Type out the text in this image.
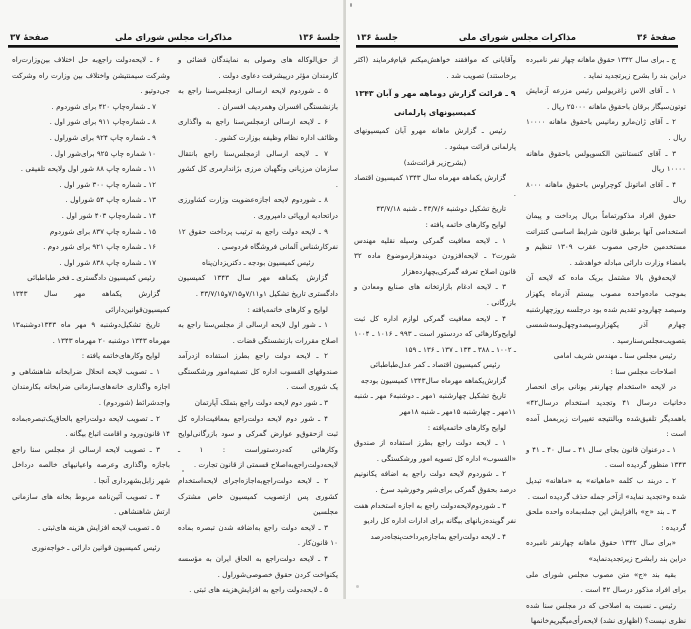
جلسهٔ ۱۳۶
مذاکرات مجلس شورای ملی
صفحهٔ ۳۷

از حق‌الوکاله های وصولی به نمایندگان قضائی و کارمندان مؤثر درپیشرفت دعاوی دولت .

۵ ـ شوردوم لایحه ارسالی ازمجلس‌سنا راجع به بازنشستگی افسران وهمردیف افسران .

۶ ـ لایحه ارسالی ازمجلس‌سنا راجع به واگذاری وظائف اداره نظام وظیفه بوزارت کشور .

۷ ـ لایحه ارسالی ازمجلس‌سنا راجع بانتقال سازمان مرزبانی ونگهبان مرزی بژاندارمری کل کشور .

۸ ـ شوردوم لایحه اجازه‌عضویت وزارت کشاورزی دراتحادیه اروپائی دامپروری .

۹ ـ لایحه دولت راجع به ترتیب پرداخت حقوق ۱۲ نفرکارشناس آلمانی فروشگاه فردوسی .

رئیس کمیسیون بودجه ـ دکتریزدان‌پناه

گزارش یکماهه مهر سال ۱۳۴۳ کمیسیون دادگستری تاریخ تشکیل ۱و۷/۱۱و۷/۱۵و۴۳/۷/۱۵ .

لوایح و کارهای خاتمه‌یافته :

۱ ـ شور اول لایحه ارسالی از مجلس‌سنا راجع به اصلاح مقررات بازنشستگی قضات .

۲ ـ لایحه دولت راجع بطرز استفاده ازدرآمد صندوقهای القسوب اداره کل تصفیه‌امور ورشکستگی یک شوری است .

۳ ـ شور دوم لایحه دولت راجع بتملک آپارتمان

۴ ـ شور دوم لایحه دولت‌راجع بمعافیت‌اداره کل ثبت ازحقوق‌و عوارض گمرکی و سود بازرگانی‌لوایح وکارهائی که‌دردستوراست : ۱ ـ لایحه‌دولت‌راجع‌به‌اصلاح قسمتی از قانون تجارت .

۲ ـ لایحه دولت‌راجع‌به‌اجازه‌اجرای لایحه‌استخدام کشوری پس ازتصویب کمیسیون خاص مشترک مجلسین

۳ ـ لایحه دولت راجع به‌اضافه شدن تبصره بماده ۱۰ قانون‌کار .

۴ ـ لایحه دولت‌راجع به الحاق ایران به مؤسسه یکنواخت کردن حقوق خصوصی‌شوراول .

۵ ـ لایحه‌دولت راجع به افزایش‌هزینه های ثبتی .

۶ ـ لایحه‌دولت راجع‌به حل اختلاف بین‌وزارت‌راه وشرکت سیمنتیشن واختلاف بین وزارت راه وشرکت جی‌دوتیو .

۷ ـ شماره‌چاپ ۴۲۰ برای شوردوم .

۸ ـ شماره‌چاپ ۹۱۱ برای شور اول .

۹ ـ شماره چاپ ۹۲۴ برای شوراول .

۱۰ شماره چاپ ۹۲۵ برای‌شور اول .

۱۱ ـ شماره چاپ ۸۸ شور اول ولایحه تلفیقی .

۱۲ ـ شماره چاپ ۳۰۰ شور اول .

۱۳ ـ شماره چاپ ۵۴ شوراول .

۱۴ ـ شماره‌چاپ ۴۰۳ شور اول .

۱۵ ـ شماره چاپ ۸۳۷ برای شوردوم

۱۶ ـ شماره چاپ ۹۲۱ برای شور دوم .

۱۷ ـ شماره چاپ ۸۳۸ شور اول .

رئیس کمیسیون دادگستری ـ فخر طباطبائی

گزارش یکماهه مهر سال ۱۳۴۳ کمیسیون‌قوانین‌دارائی

تاریخ تشکیل‌دوشنبه ۹ مهر ماه ۱۳۴۳دوشنبه‌۱۳ مهرماه ۱۳۴۳ دوشنبه ۲۰ مهرماه ۱۳۴۳ .

لوایح وکارهای‌خاتمه یافته :

۱ ـ تصویب لایحه انحلال ضرابخانه شاهنشاهی و اجازه واگذاری خانه‌های‌سازمانی ضرابخانه بکارمندان واجدشرائط (شوردوم) .

۲ ـ تصویب لایحه دولت‌راجع بالحاق‌یک‌تبصره‌بماده ۱۴ قانون‌ورود و اقامت اتباع بیگانه .

۳ ـ تصویب لایحه ارسالی از مجلس سنا راجع باجازه واگذاری وعرصه واعیانیهای خالصه درداخل شهر زابل‌بشهرداری آنجا .

۴ ـ تصویب آئین‌نامه مربوط بخانه های سازمانی ارتش شاهنشاهی .

۵ ـ تصویب لایحه افزایش هزینه های‌ثبتی .

رئیس کمیسیون قوانین دارائی ـ خواجه‌نوری

صفحهٔ ۳۶
مذاکرات مجلس شورای ملی
جلسهٔ ۱۳۶

ج ـ برای سال ۱۳۴۲ حقوق ماهانه چهار نفر نامبرده دراین بند را بشرح زیرتجدید نماید .

۱ ـ آقای الاس زاغریولس رئیس مزرعه آزمایش توتون‌سیگار برقان باحقوق ماهانه ۲۵۰۰۰ ریال .

۲ ـ آقای ژان‌مارو رمانیس باحقوق ماهانه ۱۰۰۰۰ ریال .

۳ ـ آقای کنستانتین الکسوپولس باحقوق ماهانه ۱۰۰۰۰ ریال

۴ ـ آقای اماتونل کوچراوس باحقوق ماهانه ۸۰۰۰ ریال

حقوق افراد مذکورتماماً بریال پرداخت و پیمان استخدامی آنها برطبق قانون شرایط اساسی کنتراتت مستخدمین خارجی مصوب عقرب ۱۳۰۹ تنظیم و بامضاء وزارت دارائی مبادله خواهدشد .

لایحه‌فوق بالا مشتمل بریک ماده که لایحه آن بموجب ماده‌واحده مصوب بیستم آذرماه یکهزار وسیصد چهارودو تقدیم شده بود درجلسه روزچهارشنبه چهارم آذر یکهزاروسیصدوچهل‌وسه‌شمسی بتصویب‌مجلس‌سنارسید .

رئیس مجلس سنا ـ مهندس شریف امامی

اصلاحات مجلس سنا :

در لایحه «استخدام چهارنفر یونانی برای انحصار دخانیات درسال ۴۱ وتجدید استخدام درسال۴۲» باهمدیگر تلفیق‌شده وبالنتیجه تغییرات زیربعمل آمده است :

۱ ـ درعنوان قانون بجای سال ۴۱ ـ سال ۴۰ ـ ۴۱ و ۱۳۴۳ منظور گردیده است .

۲ ـ دربند ب کلمه «ماهیانه» به «ماهانه» تبدیل شده و«تجدید نماید» ازآخر جمله حذف گردیده است .

۳ ـ بند «ج» باافزایش این جمله‌بماده واحده ملحق گردیده :

«برای سال ۱۳۴۲ حقوق ماهانه چهارنفر نامبرده دراین بند رابشرح زیرتجدیدنماید»

بقیه بند «ج» متن مصوب مجلس شورای ملی برای افراد مذکور درسال ۴۲ است .

رئیس ـ نسبت به اصلاحی که در مجلس سنا شده نظری نیست؟ (اظهاری نشد) لایحه‌رأی‌میگیریم‌خانمها

وآقایانی که موافقند خواهش‌میکنم قیام‌فرمایند (اکثر برخاستند) تصویب شد .

۹ ـ قرائت گزارش دوماهه مهر و آبان ۱۳۴۳

کمیسیونهای پارلمانی

رئیس ـ گزارش ماهانه مهرو آبان کمیسیونهای پارلمانی قرائت میشود .

(بشرح‌زیر قرائت‌شد)

گزارش یکماهه مهرماه سال ۱۳۴۳ کمیسیون اقتصاد .

تاریخ تشکیل دوشنبه ۴۳/۷/۶ ـ شنبه ۴۳/۷/۱۸

لوایح وکارهای خاتمه یافته :

۱ ـ لایحه معافیت گمرکی وسیله نقلیه مهندس شورت۲ ـ لایحه‌افزودن دوبندهزارموضوع ماده ۳۲ قانون اصلاح تعرفه گمرکی‌بچهارده‌هزار

۳ ـ لایحه ادغام بازارتخانه های صنایع ومعادن و بازرگانی .

۴ ـ لایحه معافیت گمرکی لوازم اداره کل ثبت لوایح‌وکارهائی که دردستور است ـ ۹۹۳ ـ ۱۰۱۶ ـ ۱۰۰۴ ـ ۱۰۰۲ ـ ۳۸۸ ـ ۱۳۴ ـ ۱۳۷ ـ ۱۳۶ ـ ۱۵۹

رئیس کمیسیون اقتصاد ـ کمر عدل‌طباطبائی

گزارش‌یکماهه مهرماه سال۱۳۴۳ کمیسیون بودجه

تاریخ تشکیل چهارشنبه ۱مهر ـ دوشنبه۶ مهر ـ شنبه ۱۱مهر ـ چهارشنبه ۱۵مهر ـ شنبه ۱۸مهر

لوایح وکارهای خاتمه‌یافته :

۱ ـ لایحه دولت راجع بطرز استفاده از صندوق «القسوب» اداره کل تسویه امور ورشکستگی .

۲ ـ شوردوم لایحه دولت راجع به اضافه یکانونیم درصد بحقوق گمرکی برای‌شیر وخورشید سرخ .

۳ ـ شوردوم‌لایحه‌دولت راجع به اجازه استخدام هفت نفر گوینده‌زبانهای بیگانه برای ادارات اداره‌ کل رادیو

۴ ـ لایحه دولت‌راجع بماجازه‌پرداخت‌پنجاه‌درصد
